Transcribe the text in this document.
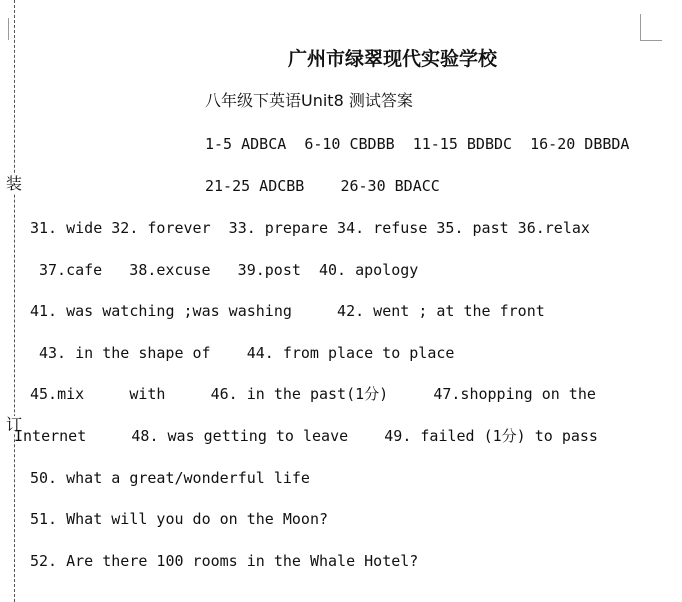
装
订
广州市绿翠现代实验学校
八年级下英语Unit8 测试答案
1-5 ADBCA  6-10 CBDBB  11-15 BDBDC  16-20 DBBDA
21-25 ADCBB    26-30 BDACC
31. wide 32. forever  33. prepare 34. refuse 35. past 36.relax
37.cafe   38.excuse   39.post  40. apology
41. was watching ;was washing     42. went ; at the front
43. in the shape of    44. from place to place
45.mix     with     46. in the past(1分)     47.shopping on the
Internet     48. was getting to leave    49. failed (1分) to pass
50. what a great/wonderful life
51. What will you do on the Moon?
52. Are there 100 rooms in the Whale Hotel?
